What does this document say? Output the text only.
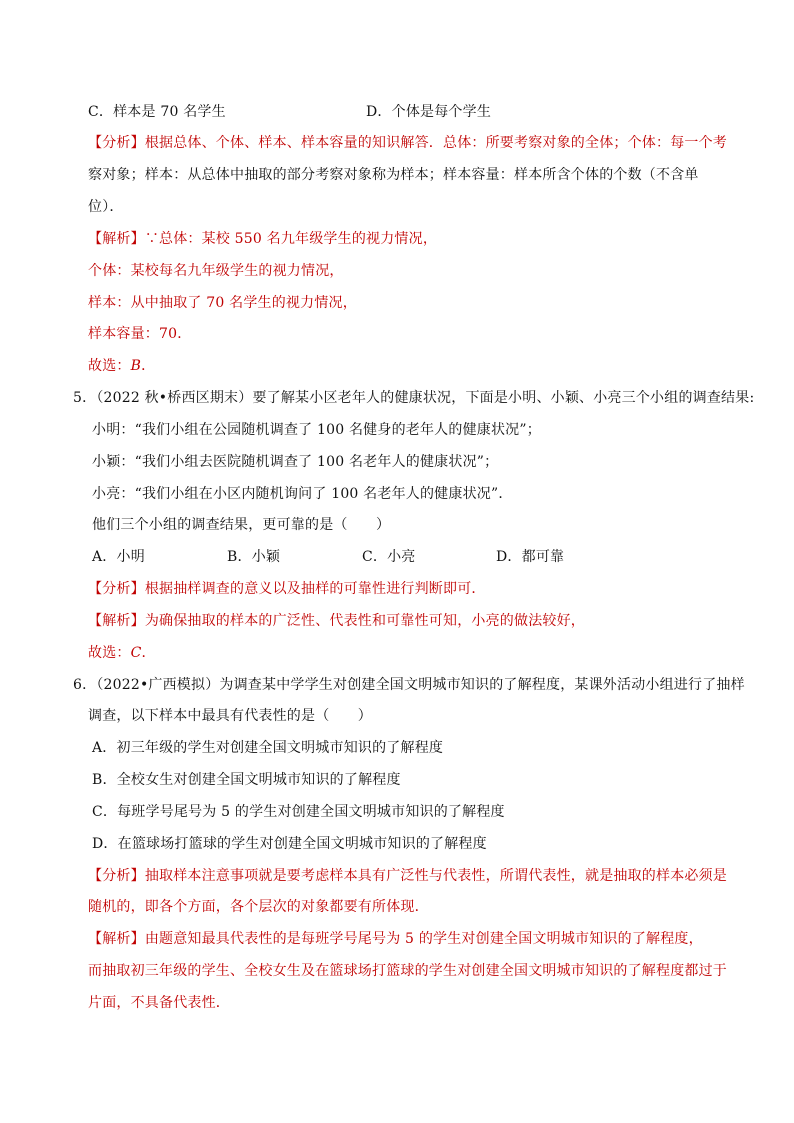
C．样本是 70 名学生	D．个体是每个学生
【分析】根据总体、个体、样本、样本容量的知识解答．总体：所要考察对象的全体；个体：每一个考
察对象；样本：从总体中抽取的部分考察对象称为样本；样本容量：样本所含个体的个数（不含单
位）．
【解析】∵总体：某校 550 名九年级学生的视力情况，
个体：某校每名九年级学生的视力情况，
样本：从中抽取了 70 名学生的视力情况，
样本容量：70．
故选：B．
5．（2022 秋•桥西区期末）要了解某小区老年人的健康状况，下面是小明、小颖、小亮三个小组的调查结果:
小明：“我们小组在公园随机调查了 100 名健身的老年人的健康状况”；
小颖：“我们小组去医院随机调查了 100 名老年人的健康状况”；
小亮：“我们小组在小区内随机询问了 100 名老年人的健康状况”．
他们三个小组的调查结果，更可靠的是（　　）
A．小明	B．小颖	C．小亮	D．都可靠
【分析】根据抽样调查的意义以及抽样的可靠性进行判断即可．
【解析】为确保抽取的样本的广泛性、代表性和可靠性可知，小亮的做法较好，
故选：C．
6．（2022•广西模拟）为调查某中学学生对创建全国文明城市知识的了解程度，某课外活动小组进行了抽样
调查，以下样本中最具有代表性的是（　　）
A．初三年级的学生对创建全国文明城市知识的了解程度
B．全校女生对创建全国文明城市知识的了解程度
C．每班学号尾号为 5 的学生对创建全国文明城市知识的了解程度
D．在篮球场打篮球的学生对创建全国文明城市知识的了解程度
【分析】抽取样本注意事项就是要考虑样本具有广泛性与代表性，所谓代表性，就是抽取的样本必须是
随机的，即各个方面，各个层次的对象都要有所体现．
【解析】由题意知最具代表性的是每班学号尾号为 5 的学生对创建全国文明城市知识的了解程度，
而抽取初三年级的学生、全校女生及在篮球场打篮球的学生对创建全国文明城市知识的了解程度都过于
片面，不具备代表性．
